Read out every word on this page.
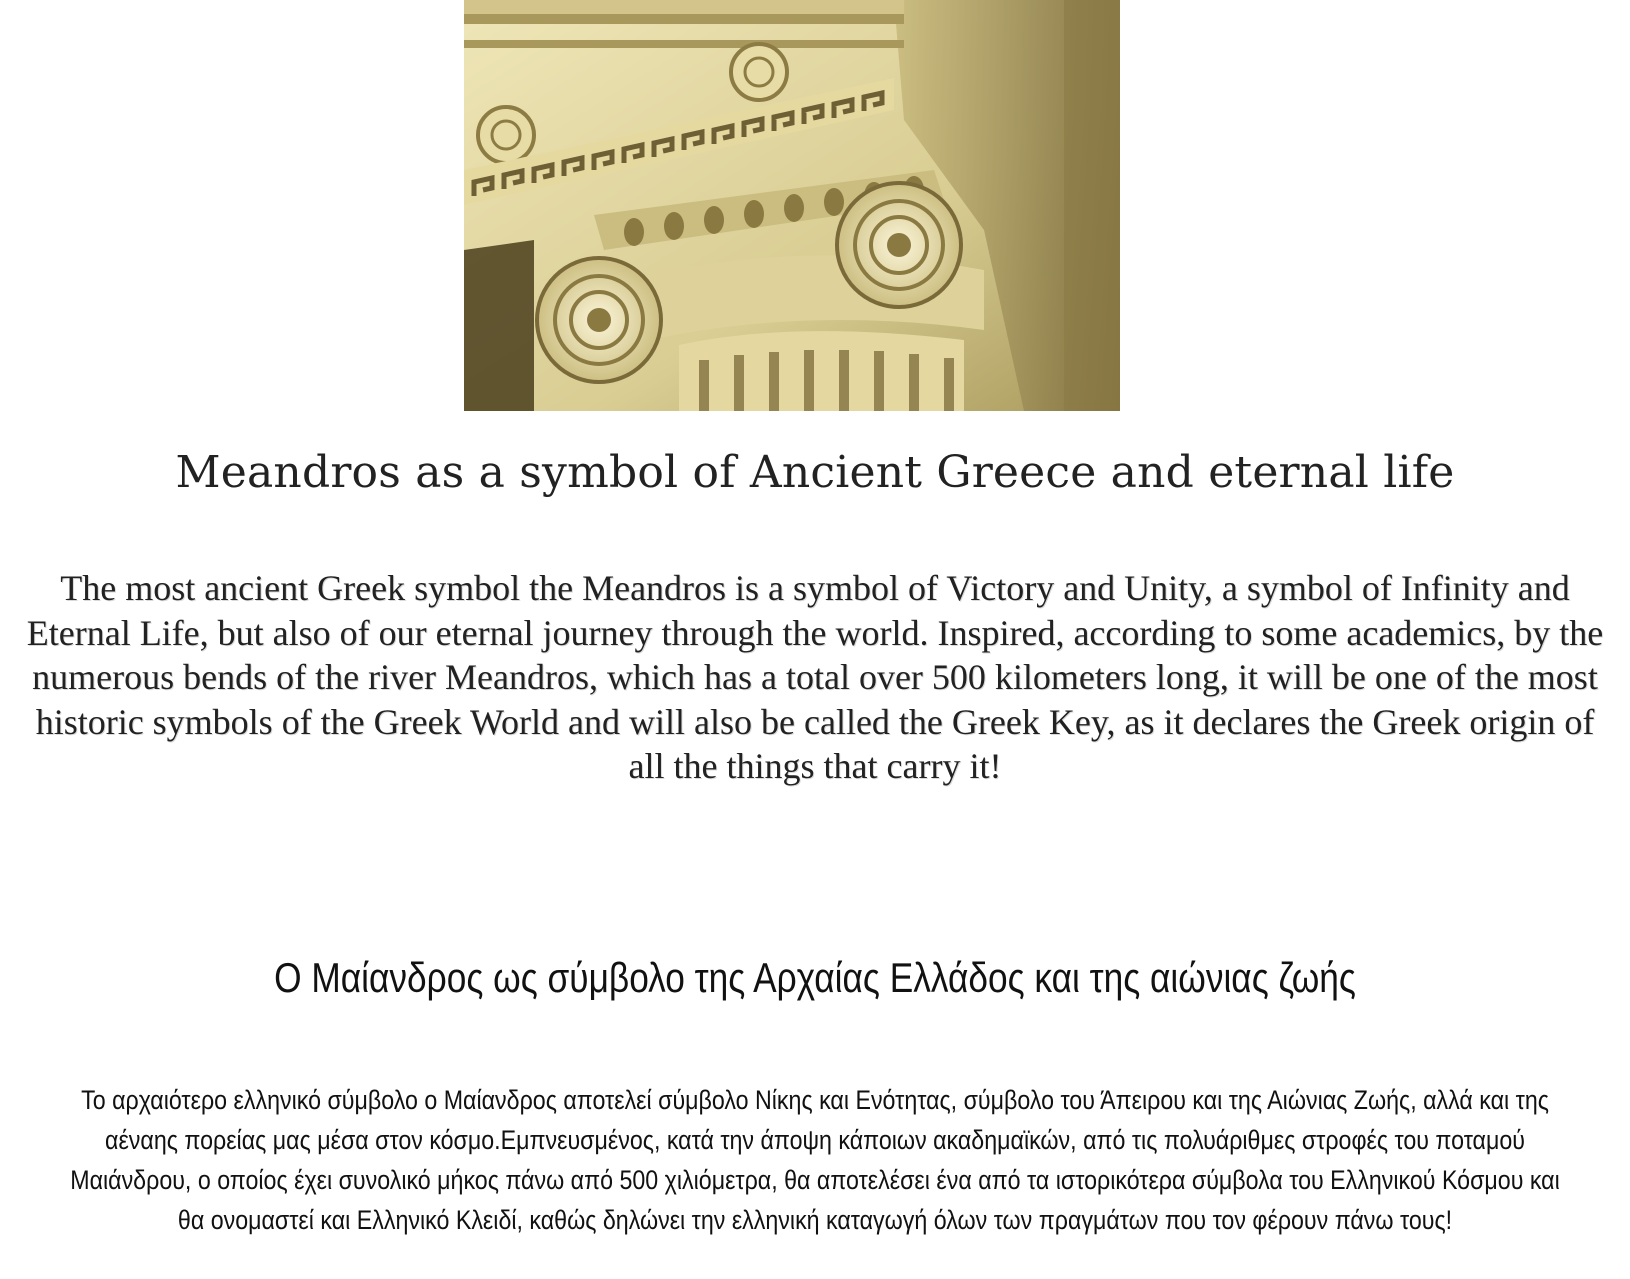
Meandros as a symbol of Ancient Greece and eternal life
The most ancient Greek symbol the Meandros is a symbol of Victory and Unity, a symbol of Infinity and Eternal Life, but also of our eternal journey through the world. Inspired, according to some academics, by the numerous bends of the river Meandros, which has a total over 500 kilometers long, it will be one of the most historic symbols of the Greek World and will also be called the Greek Key, as it declares the Greek origin of all the things that carry it!
Ο Μαίανδρος ως σύμβολο της Αρχαίας Ελλάδος και της αιώνιας ζωής
Το αρχαιότερο ελληνικό σύμβολο ο Μαίανδρος αποτελεί σύμβολο Νίκης και Ενότητας, σύμβολο του Άπειρου και της Αιώνιας Ζωής, αλλά και της αέναης πορείας μας μέσα στον κόσμο.Εμπνευσμένος, κατά την άποψη κάποιων ακαδημαϊκών, από τις πολυάριθμες στροφές του ποταμού Μαιάνδρου, ο οποίος έχει συνολικό μήκος πάνω από 500 χιλιόμετρα, θα αποτελέσει ένα από τα ιστορικότερα σύμβολα του Ελληνικού Κόσμου και θα ονομαστεί και Ελληνικό Κλειδί, καθώς δηλώνει την ελληνική καταγωγή όλων των πραγμάτων που τον φέρουν πάνω τους!
